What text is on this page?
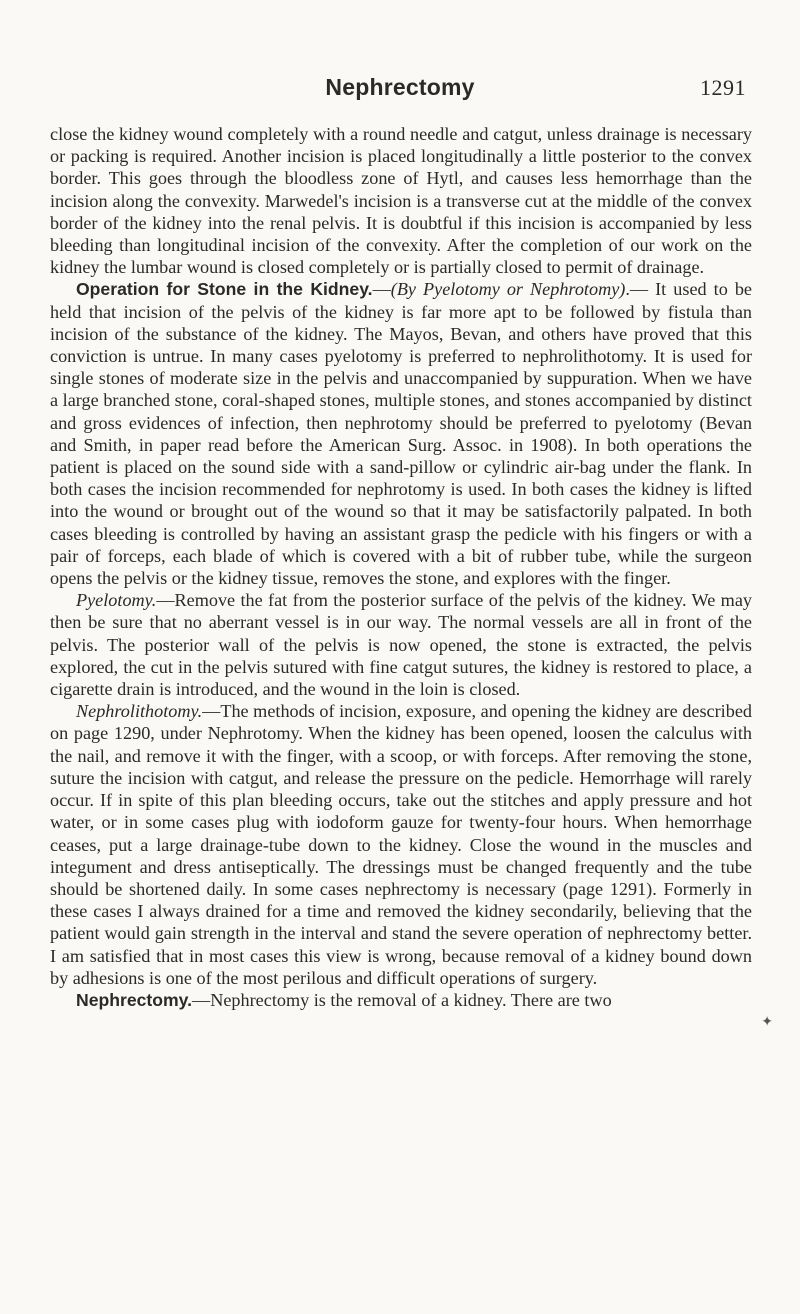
Nephrectomy	1291

close the kidney wound completely with a round needle and catgut, unless drainage is necessary or packing is required. Another incision is placed longitudinally a little posterior to the convex border. This goes through the bloodless zone of Hytl, and causes less hemorrhage than the incision along the convexity. Marwedel's incision is a transverse cut at the middle of the convex border of the kidney into the renal pelvis. It is doubtful if this incision is accompanied by less bleeding than longitudinal incision of the convexity. After the completion of our work on the kidney the lumbar wound is closed completely or is partially closed to permit of drainage.

Operation for Stone in the Kidney.—(By Pyelotomy or Nephrotomy).— It used to be held that incision of the pelvis of the kidney is far more apt to be followed by fistula than incision of the substance of the kidney. The Mayos, Bevan, and others have proved that this conviction is untrue. In many cases pyelotomy is preferred to nephrolithotomy. It is used for single stones of moderate size in the pelvis and unaccompanied by suppuration. When we have a large branched stone, coral-shaped stones, multiple stones, and stones accompanied by distinct and gross evidences of infection, then nephrotomy should be preferred to pyelotomy (Bevan and Smith, in paper read before the American Surg. Assoc. in 1908). In both operations the patient is placed on the sound side with a sand-pillow or cylindric air-bag under the flank. In both cases the incision recommended for nephrotomy is used. In both cases the kidney is lifted into the wound or brought out of the wound so that it may be satisfactorily palpated. In both cases bleeding is controlled by having an assistant grasp the pedicle with his fingers or with a pair of forceps, each blade of which is covered with a bit of rubber tube, while the surgeon opens the pelvis or the kidney tissue, removes the stone, and explores with the finger.

Pyelotomy.—Remove the fat from the posterior surface of the pelvis of the kidney. We may then be sure that no aberrant vessel is in our way. The normal vessels are all in front of the pelvis. The posterior wall of the pelvis is now opened, the stone is extracted, the pelvis explored, the cut in the pelvis sutured with fine catgut sutures, the kidney is restored to place, a cigarette drain is introduced, and the wound in the loin is closed.

Nephrolithotomy.—The methods of incision, exposure, and opening the kidney are described on page 1290, under Nephrotomy. When the kidney has been opened, loosen the calculus with the nail, and remove it with the finger, with a scoop, or with forceps. After removing the stone, suture the incision with catgut, and release the pressure on the pedicle. Hemorrhage will rarely occur. If in spite of this plan bleeding occurs, take out the stitches and apply pressure and hot water, or in some cases plug with iodoform gauze for twenty-four hours. When hemorrhage ceases, put a large drainage-tube down to the kidney. Close the wound in the muscles and integument and dress antiseptically. The dressings must be changed frequently and the tube should be shortened daily. In some cases nephrectomy is necessary (page 1291). Formerly in these cases I always drained for a time and removed the kidney secondarily, believing that the patient would gain strength in the interval and stand the severe operation of nephrectomy better. I am satisfied that in most cases this view is wrong, because removal of a kidney bound down by adhesions is one of the most perilous and difficult operations of surgery.

Nephrectomy.—Nephrectomy is the removal of a kidney. There are two

✦
